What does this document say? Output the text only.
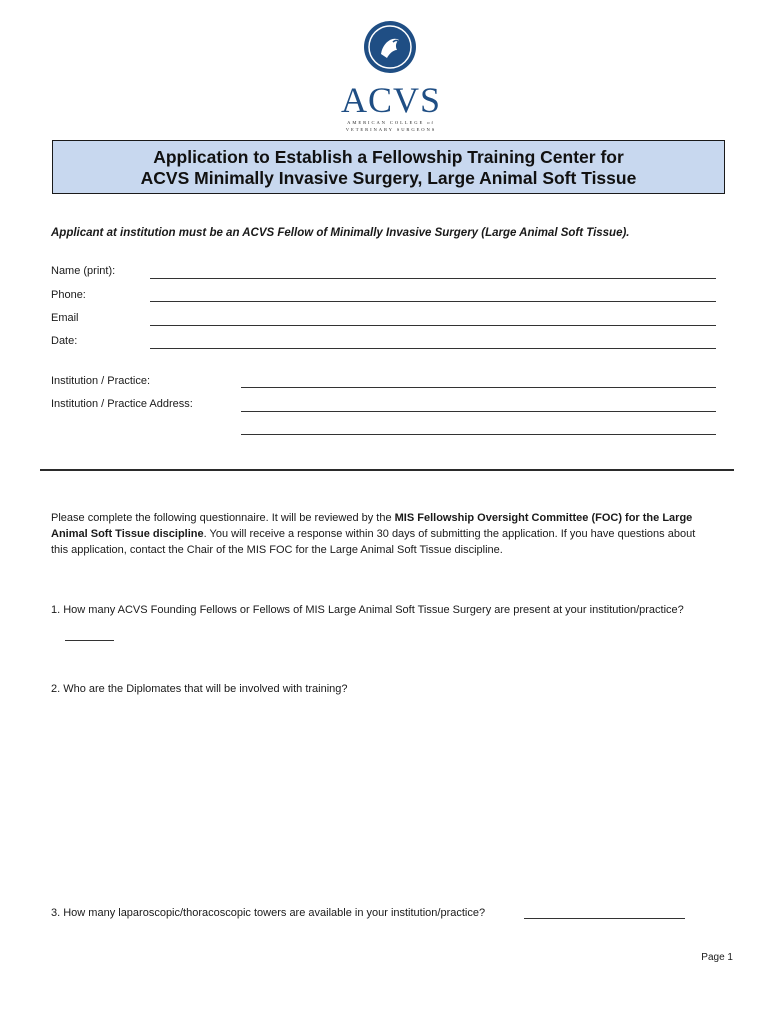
ACVS
AMERICAN COLLEGE of
VETERINARY SURGEONS
Application to Establish a Fellowship Training Center for
ACVS Minimally Invasive Surgery, Large Animal Soft Tissue
Applicant at institution must be an ACVS Fellow of Minimally Invasive Surgery (Large Animal Soft Tissue).
Name (print):
Phone:
Email
Date:
Institution / Practice:
Institution / Practice Address:
Please complete the following questionnaire. It will be reviewed by the MIS Fellowship Oversight Committee (FOC) for the Large Animal Soft Tissue discipline. You will receive a response within 30 days of submitting the application. If you have questions about this application, contact the Chair of the MIS FOC for the Large Animal Soft Tissue discipline.
1. How many ACVS Founding Fellows or Fellows of MIS Large Animal Soft Tissue Surgery are present at your institution/practice?
2. Who are the Diplomates that will be involved with training?
3. How many laparoscopic/thoracoscopic towers are available in your institution/practice?
Page 1
